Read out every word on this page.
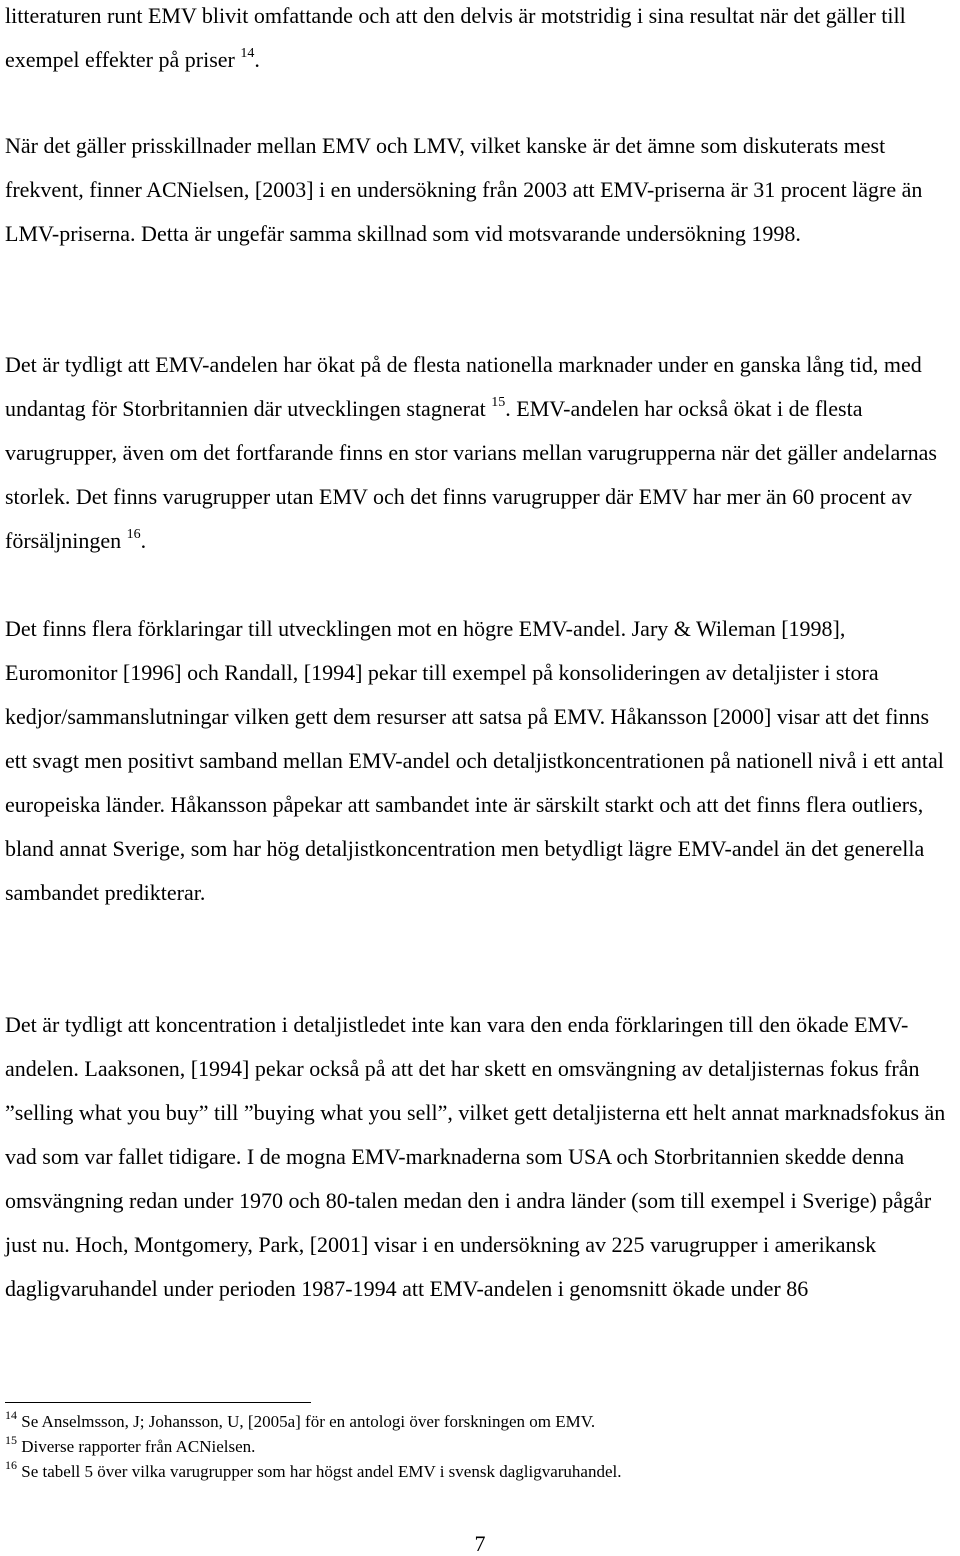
litteraturen runt EMV blivit omfattande och att den delvis är motstridig i sina resultat när det gäller till exempel effekter på priser $^{14}$.

När det gäller prisskillnader mellan EMV och LMV, vilket kanske är det ämne som diskuterats mest frekvent, finner ACNielsen, [2003] i en undersökning från 2003 att EMV-priserna är 31 procent lägre än LMV-priserna. Detta är ungefär samma skillnad som vid motsvarande undersökning 1998.

Det är tydligt att EMV-andelen har ökat på de flesta nationella marknader under en ganska lång tid, med undantag för Storbritannien där utvecklingen stagnerat $^{15}$. EMV-andelen har också ökat i de flesta varugrupper, även om det fortfarande finns en stor varians mellan varugrupperna när det gäller andelarnas storlek. Det finns varugrupper utan EMV och det finns varugrupper där EMV har mer än 60 procent av försäljningen $^{16}$.

Det finns flera förklaringar till utvecklingen mot en högre EMV-andel. Jary & Wileman [1998], Euromonitor [1996] och Randall, [1994] pekar till exempel på konsolideringen av detaljister i stora kedjor/sammanslutningar vilken gett dem resurser att satsa på EMV. Håkansson [2000] visar att det finns ett svagt men positivt samband mellan EMV-andel och detaljistkoncentrationen på nationell nivå i ett antal europeiska länder. Håkansson påpekar att sambandet inte är särskilt starkt och att det finns flera outliers, bland annat Sverige, som har hög detaljistkoncentration men betydligt lägre EMV-andel än det generella sambandet predikterar.

Det är tydligt att koncentration i detaljistledet inte kan vara den enda förklaringen till den ökade EMV-andelen. Laaksonen, [1994] pekar också på att det har skett en omsvängning av detaljisternas fokus från ”selling what you buy” till ”buying what you sell”, vilket gett detaljisterna ett helt annat marknadsfokus än vad som var fallet tidigare. I de mogna EMV-marknaderna som USA och Storbritannien skedde denna omsvängning redan under 1970 och 80-talen medan den i andra länder (som till exempel i Sverige) pågår just nu. Hoch, Montgomery, Park, [2001] visar i en undersökning av 225 varugrupper i amerikansk dagligvaruhandel under perioden 1987-1994 att EMV-andelen i genomsnitt ökade under 86

$^{14}$ Se Anselmsson, J; Johansson, U, [2005a] för en antologi över forskningen om EMV.
$^{15}$ Diverse rapporter från ACNielsen.
$^{16}$ Se tabell 5 över vilka varugrupper som har högst andel EMV i svensk dagligvaruhandel.
7
